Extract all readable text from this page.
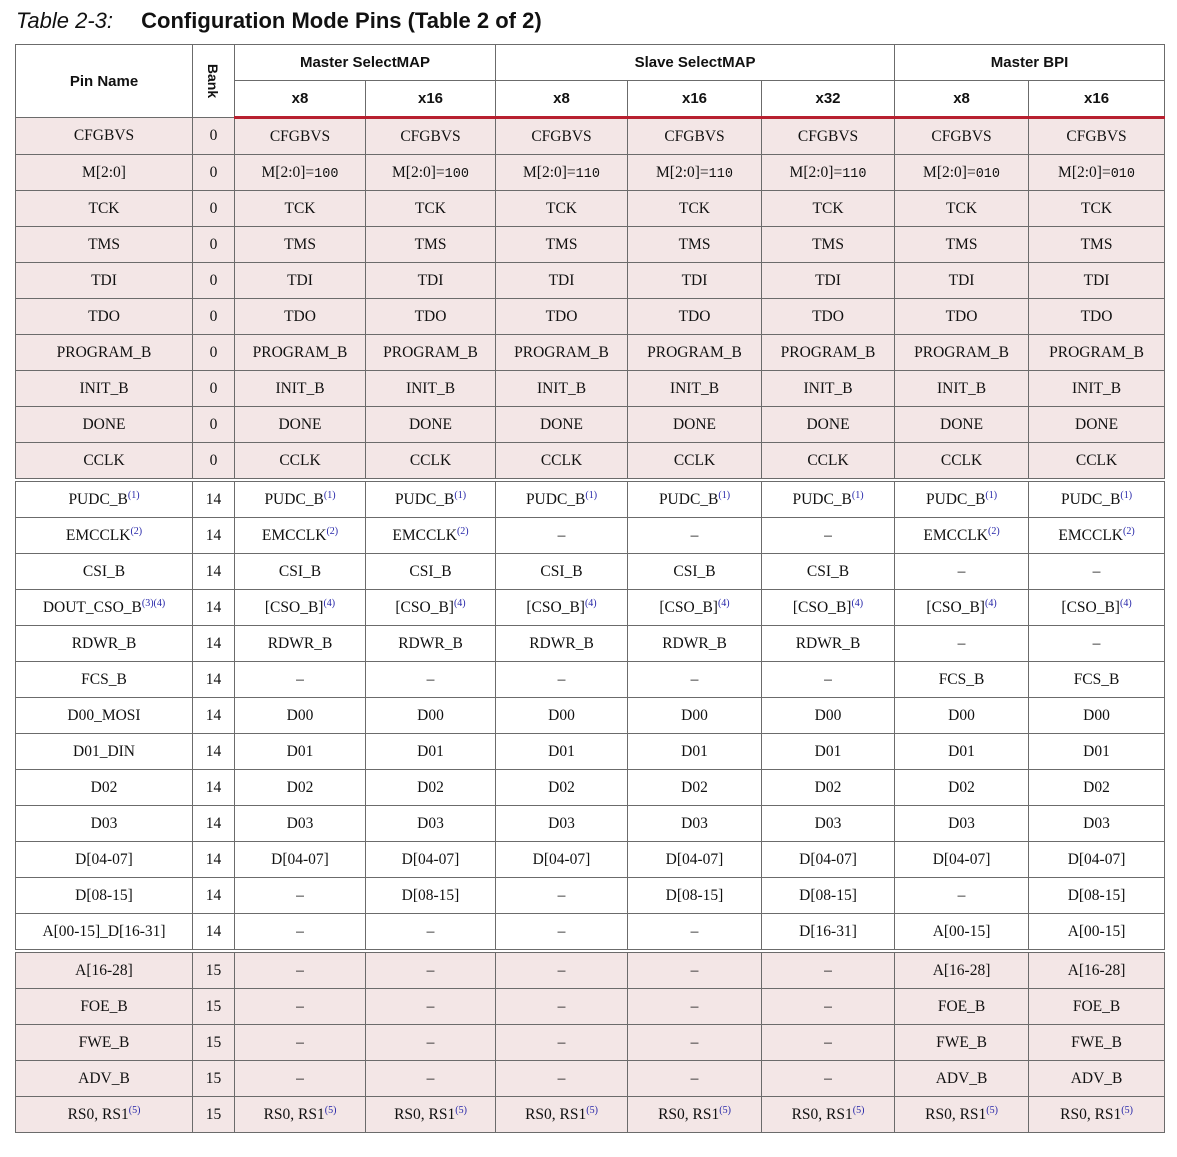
Table 2-3: Configuration Mode Pins (Table 2 of 2)
Pin Name	Bank	Master SelectMAP		Slave SelectMAP			Master BPI	
		x8	x16	x8	x16	x32	x8	x16
CFGBVS	0	CFGBVS	CFGBVS	CFGBVS	CFGBVS	CFGBVS	CFGBVS	CFGBVS
M[2:0]	0	M[2:0]=100	M[2:0]=100	M[2:0]=110	M[2:0]=110	M[2:0]=110	M[2:0]=010	M[2:0]=010
TCK	0	TCK	TCK	TCK	TCK	TCK	TCK	TCK
TMS	0	TMS	TMS	TMS	TMS	TMS	TMS	TMS
TDI	0	TDI	TDI	TDI	TDI	TDI	TDI	TDI
TDO	0	TDO	TDO	TDO	TDO	TDO	TDO	TDO
PROGRAM_B	0	PROGRAM_B	PROGRAM_B	PROGRAM_B	PROGRAM_B	PROGRAM_B	PROGRAM_B	PROGRAM_B
INIT_B	0	INIT_B	INIT_B	INIT_B	INIT_B	INIT_B	INIT_B	INIT_B
DONE	0	DONE	DONE	DONE	DONE	DONE	DONE	DONE
CCLK	0	CCLK	CCLK	CCLK	CCLK	CCLK	CCLK	CCLK
PUDC_B$^{(1)}$	14	PUDC_B$^{(1)}$	PUDC_B$^{(1)}$	PUDC_B$^{(1)}$	PUDC_B$^{(1)}$	PUDC_B$^{(1)}$	PUDC_B$^{(1)}$	PUDC_B$^{(1)}$
EMCCLK$^{(2)}$	14	EMCCLK$^{(2)}$	EMCCLK$^{(2)}$	–	–	–	EMCCLK$^{(2)}$	EMCCLK$^{(2)}$
CSI_B	14	CSI_B	CSI_B	CSI_B	CSI_B	CSI_B	–	–
DOUT_CSO_B$^{(3)(4)}$	14	[CSO_B]$^{(4)}$	[CSO_B]$^{(4)}$	[CSO_B]$^{(4)}$	[CSO_B]$^{(4)}$	[CSO_B]$^{(4)}$	[CSO_B]$^{(4)}$	[CSO_B]$^{(4)}$
RDWR_B	14	RDWR_B	RDWR_B	RDWR_B	RDWR_B	RDWR_B	–	–
FCS_B	14	–	–	–	–	–	FCS_B	FCS_B
D00_MOSI	14	D00	D00	D00	D00	D00	D00	D00
D01_DIN	14	D01	D01	D01	D01	D01	D01	D01
D02	14	D02	D02	D02	D02	D02	D02	D02
D03	14	D03	D03	D03	D03	D03	D03	D03
D[04-07]	14	D[04-07]	D[04-07]	D[04-07]	D[04-07]	D[04-07]	D[04-07]	D[04-07]
D[08-15]	14	–	D[08-15]	–	D[08-15]	D[08-15]	–	D[08-15]
A[00-15]_D[16-31]	14	–	–	–	–	D[16-31]	A[00-15]	A[00-15]
A[16-28]	15	–	–	–	–	–	A[16-28]	A[16-28]
FOE_B	15	–	–	–	–	–	FOE_B	FOE_B
FWE_B	15	–	–	–	–	–	FWE_B	FWE_B
ADV_B	15	–	–	–	–	–	ADV_B	ADV_B
RS0, RS1$^{(5)}$	15	RS0, RS1$^{(5)}$	RS0, RS1$^{(5)}$	RS0, RS1$^{(5)}$	RS0, RS1$^{(5)}$	RS0, RS1$^{(5)}$	RS0, RS1$^{(5)}$	RS0, RS1$^{(5)}$
